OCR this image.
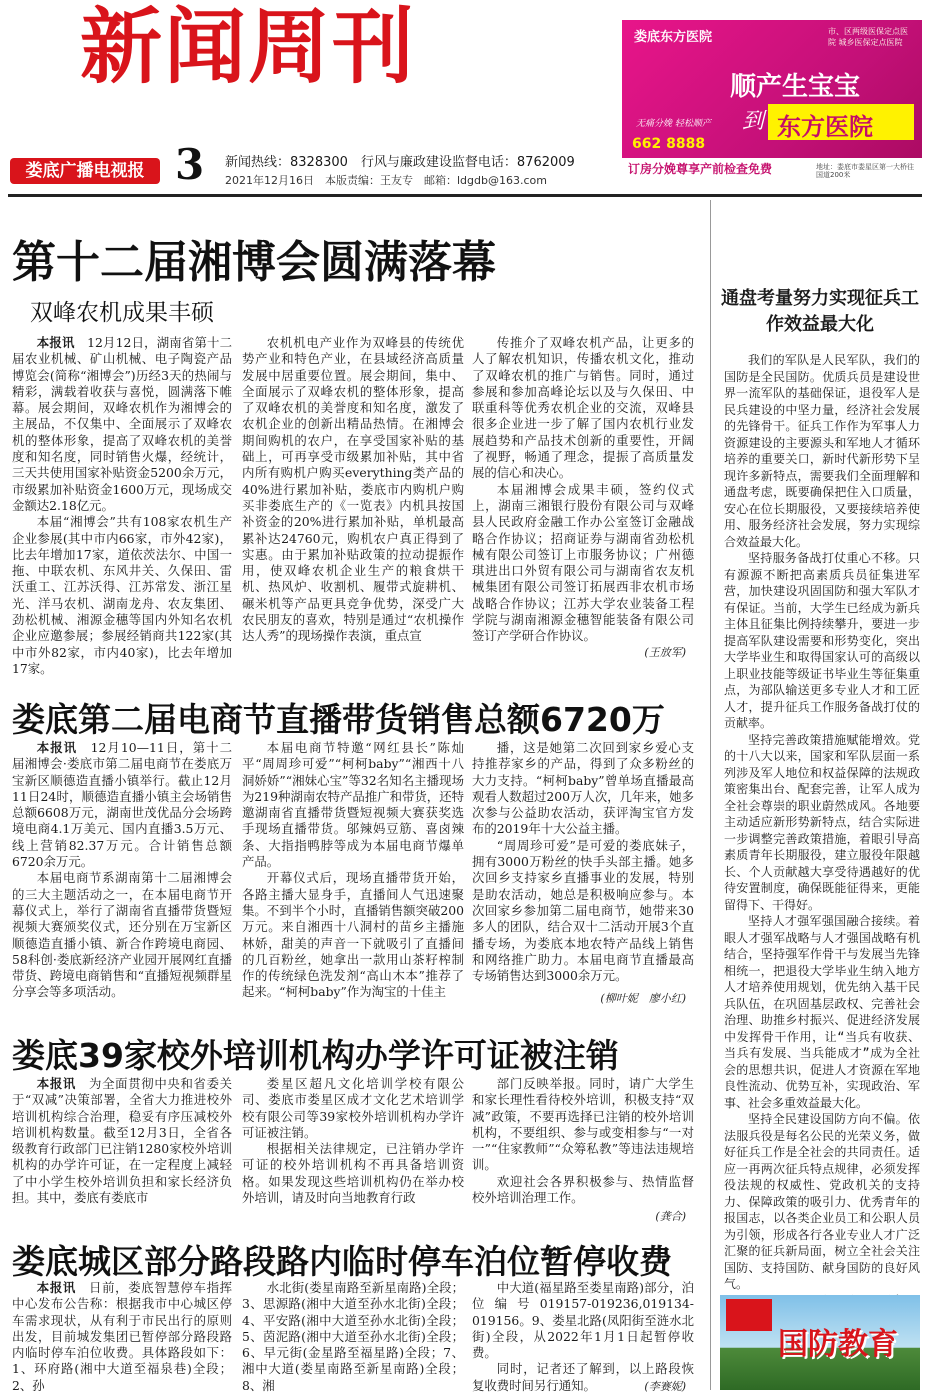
新闻周刊
娄底广播电视报 3 新闻热线：8328300　行风与廉政建设监督电话：8762009
2021年12月16日　本版责编：王友专　邮箱：ldgdb@163.com
娄底东方医院	市、区两级医保定点医院 城乡医保定点医院
顺产生宝宝
到 东方医院
无痛分娩 轻松顺产
662 8888
订房分娩尊享产前检查免费	地址：娄底市娄星区第一大桥往国道200米
第十二届湘博会圆满落幕
双峰农机成果丰硕

本报讯　 12月12日，湖南省第十二届农业机械、矿山机械、电子陶瓷产品博览会(简称“湘博会”)历经3天的热闹与精彩，满载着收获与喜悦，圆满落下帷幕。展会期间，双峰农机作为湘博会的主展品，不仅集中、全面展示了双峰农机的整体形象，提高了双峰农机的美誉度和知名度，同时销售火爆，经统计，三天共使用国家补贴资金5200余万元，市级累加补贴资金1600万元，现场成交金额达2.18亿元。

本届“湘博会”共有108家农机生产企业参展(其中市内66家，市外42家)，比去年增加17家，道依茨法尔、中国一拖、中联农机、东风井关、久保田、雷沃重工、江苏沃得、江苏常发、浙江星光、洋马农机、湖南龙舟、农友集团、劲松机械、湘源金穗等国内外知名农机企业应邀参展；参展经销商共122家(其中市外82家，市内40家)，比去年增加17家。

农机机电产业作为双峰县的传统优势产业和特色产业，在县域经济高质量发展中居重要位置。展会期间，集中、全面展示了双峰农机的整体形象，提高了双峰农机的美誉度和知名度，激发了农机企业的创新出精品热情。在湘博会期间购机的农户，在享受国家补贴的基础上，可再享受市级累加补贴，其中省内所有购机户购买everything类产品的40%进行累加补贴，娄底市内购机户购买非娄底生产的《一览表》内机具按国补资金的20%进行累加补贴，单机最高累补达24760元，购机农户真正得到了实惠。由于累加补贴政策的拉动提振作用，使双峰农机企业生产的粮食烘干机、热风炉、收割机、履带式旋耕机、碾米机等产品更具竞争优势，深受广大农民朋友的喜欢，特别是通过“农机操作达人秀”的现场操作表演，重点宣

传推介了双峰农机产品，让更多的人了解农机知识，传播农机文化，推动了双峰农机的推广与销售。同时，通过参展和参加高峰论坛以及与久保田、中联重科等优秀农机企业的交流，双峰县很多企业进一步了解了国内农机行业发展趋势和产品技术创新的重要性，开阔了视野，畅通了理念，提振了高质量发展的信心和决心。

本届湘博会成果丰硕，签约仪式上，湖南三湘银行股份有限公司与双峰县人民政府金融工作办公室签订金融战略合作协议；招商证券与湖南省劲松机械有限公司签订上市服务协议；广州德琪进出口外贸有限公司与湖南省农友机械集团有限公司签订拓展西非农机市场战略合作协议；江苏大学农业装备工程学院与湖南湘源金穗智能装备有限公司签订产学研合作协议。

(王放军)
娄底第二届电商节直播带货销售总额6720万

本报讯　 12月10—11日，第十二届湘博会·娄底市第二届电商节在娄底万宝新区顺德造直播小镇举行。截止12月11日24时，顺德造直播小镇主会场销售总额6608万元，湖南世茂优品分会场跨境电商4.1万美元、国内直播3.5万元、线上营销82.37万元。合计销售总额6720余万元。

本届电商节系湖南第十二届湘博会的三大主题活动之一，在本届电商节开幕仪式上，举行了湖南省直播带货暨短视频大赛颁奖仪式，还分别在万宝新区顺德造直播小镇、新合作跨境电商园、58科创·娄底新经济产业园开展网红直播带货、跨境电商销售和“直播短视频群星分享会等多项活动。

本届电商节特邀“网红县长”陈灿平“周周珍可爱”“柯柯baby”“湘西十八洞娇娇”“湘妹心宝”等32名知名主播现场为219种湖南农特产品推广和带货，还特邀湖南省直播带货暨短视频大赛获奖选手现场直播带货。邬辣妈豆筋、喜卤辣条、大指指鸭脖等成为本届电商节爆单产品。

开幕仪式后，现场直播带货开始，各路主播大显身手，直播间人气迅速聚集。不到半个小时，直播销售额突破200万元。来自湘西十八洞村的苗乡主播施林娇，甜美的声音一下就吸引了直播间的几百粉丝，她拿出一款用山茶籽榨制作的传统绿色洗发剂“高山木本”推荐了起来。“柯柯baby”作为淘宝的十佳主

播，这是她第二次回到家乡爱心支持推荐家乡的产品，得到了众多粉丝的大力支持。“柯柯baby”曾单场直播最高观看人数超过200万人次，几年来，她多次参与公益助农活动，获评淘宝官方发布的2019年十大公益主播。

“周周珍可爱”是可爱的娄底妹子，拥有3000万粉丝的快手头部主播。她多次回乡支持家乡直播事业的发展，特别是助农活动，她总是积极响应参与。本次回家乡参加第二届电商节，她带来30多人的团队，结合双十二活动开展3个直播专场，为娄底本地农特产品线上销售和网络推广助力。本届电商节直播最高专场销售达到3000余万元。

(柳叶妮　廖小红)
娄底39家校外培训机构办学许可证被注销

本报讯　 为全面贯彻中央和省委关于“双减”决策部署，全省大力推进校外培训机构综合治理，稳妥有序压减校外培训机构数量。截至12月3日，全省各级教育行政部门已注销1280家校外培训机构的办学许可证，在一定程度上减轻了中小学生校外培训负担和家长经济负担。其中，娄底有娄底市

娄星区超凡文化培训学校有限公司、娄底市娄星区成才文化艺术培训学校有限公司等39家校外培训机构办学许可证被注销。

根据相关法律规定，已注销办学许可证的校外培训机构不再具备培训资格。如果发现这些培训机构仍在举办校外培训，请及时向当地教育行政

部门反映举报。同时，请广大学生和家长理性看待校外培训，积极支持“双减”政策，不要再选择已注销的校外培训机构，不要组织、参与或变相参与“一对一”“住家教师”“众筹私教”等违法违规培训。

欢迎社会各界积极参与、热情监督校外培训治理工作。

(龚合)
娄底城区部分路段路内临时停车泊位暂停收费

本报讯　 日前，娄底智慧停车指挥中心发布公告称：根据我市中心城区停车需求现状，从有利于市民出行的原则出发，目前城发集团已暂停部分路段路内临时停车泊位收费。具体路段如下：1、环府路(湘中大道至福泉巷)全段；2、孙

水北街(娄星南路至新星南路)全段；3、思源路(湘中大道至孙水北街)全段；4、平安路(湘中大道至孙水北街)全段；5、茵泥路(湘中大道至孙水北街)全段；6、早元街(金星路至福星路)全段；7、湘中大道(娄星南路至新星南路)全段；8、湘

中大道(福星路至娄星南路)部分，泊位编号019157-019236,019134-019156。9、娄星北路(凤阳街至涟水北街)全段，从2022年1月1日起暂停收费。

同时，记者还了解到，以上路段恢复收费时间另行通知。	(李赛妮)
通盘考量努力实现征兵工作效益最大化

我们的军队是人民军队，我们的国防是全民国防。优质兵员是建设世界一流军队的基础保证，退役军人是民兵建设的中坚力量，经济社会发展的先锋骨干。征兵工作作为军事人力资源建设的主要源头和军地人才循环培养的重要关口，新时代新形势下呈现许多新特点，需要我们全面理解和通盘考虑，既要确保把住入口质量，安心在位长期服役，又要接续培养使用、服务经济社会发展，努力实现综合效益最大化。

坚持服务备战打仗重心不移。只有源源不断把高素质兵员征集进军营，加快建设巩固国防和强大军队才有保证。当前，大学生已经成为新兵主体且征集比例持续攀升，要进一步提高军队建设需要和形势变化，突出大学毕业生和取得国家认可的高级以上职业技能等级证书毕业生等征集重点，为部队输送更多专业人才和工匠人才，提升征兵工作服务备战打仗的贡献率。

坚持完善政策措施赋能增效。党的十八大以来，国家和军队层面一系列涉及军人地位和权益保障的法规政策密集出台、配套完善，让军人成为全社会尊崇的职业蔚然成风。各地要主动适应新形势新特点，结合实际进一步调整完善政策措施，着眼引导高素质青年长期服役，建立服役年限越长、个人贡献越大享受待遇越好的优待安置制度，确保既能征得来，更能留得下、干得好。

坚持人才强军强国融合接续。着眼人才强军战略与人才强国战略有机结合，坚持强军作骨干与发展当先锋相统一，把退役大学毕业生纳入地方人才培养使用规划，优先纳入基干民兵队伍，在巩固基层政权、完善社会治理、助推乡村振兴、促进经济发展中发挥骨干作用，让“当兵有收获、当兵有发展、当兵能成才”成为全社会的思想共识，促进人才资源在军地良性流动、优势互补，实现政治、军事、社会多重效益最大化。

坚持全民建设国防方向不偏。依法服兵役是每名公民的光荣义务，做好征兵工作是全社会的共同责任。适应一再两次征兵特点规律，必须发挥役法规的权威性、党政机关的支持力、保障政策的吸引力、优秀青年的报国志，以各类企业员工和公职人员为引领，形成各行各业专业人才广泛汇聚的征兵新局面，树立全社会关注国防、支持国防、献身国防的良好风气。

国防教育
